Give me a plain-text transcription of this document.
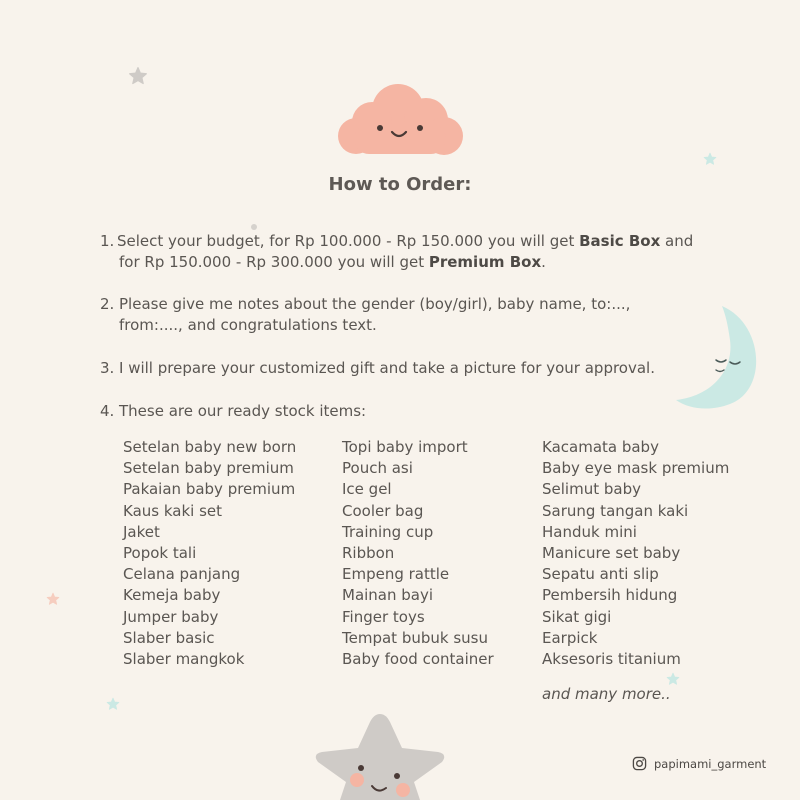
How to Order:
1. Select your budget, for Rp 100.000 - Rp 150.000 you will get Basic Box and
for Rp 150.000 - Rp 300.000 you will get Premium Box.
2. Please give me notes about the gender (boy/girl), baby name, to:...,
from:...., and congratulations text.
3. I will prepare your customized gift and take a picture for your approval.
4. These are our ready stock items:
Setelan baby new born
Setelan baby premium
Pakaian baby premium
Kaus kaki set
Jaket
Popok tali
Celana panjang
Kemeja baby
Jumper baby
Slaber basic
Slaber mangkok
Topi baby import
Pouch asi
Ice gel
Cooler bag
Training cup
Ribbon
Empeng rattle
Mainan bayi
Finger toys
Tempat bubuk susu
Baby food container
Kacamata baby
Baby eye mask premium
Selimut baby
Sarung tangan kaki
Handuk mini
Manicure set baby
Sepatu anti slip
Pembersih hidung
Sikat gigi
Earpick
Aksesoris titanium
and many more..
papimami_garment
